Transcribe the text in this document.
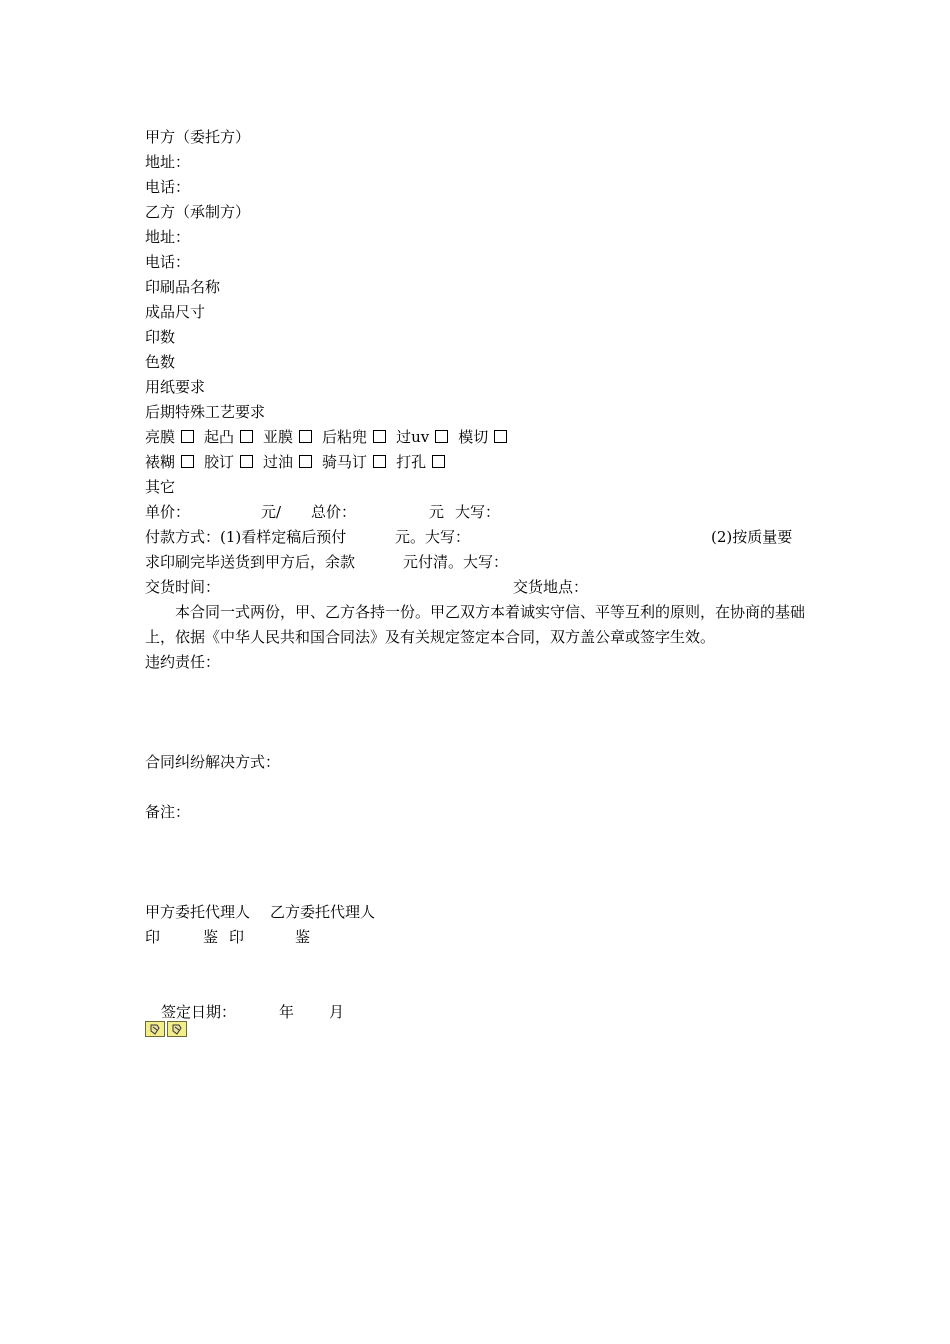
甲方（委托方）
地址：
电话：
乙方（承制方）
地址：
电话：
印刷品名称
成品尺寸
印数
色数
用纸要求
后期特殊工艺要求
亮膜 起凸 亚膜 后粘兜 过uv 模切
裱糊 胶订 过油 骑马订 打孔
其它
单价：	元/ 总价：	元 大写：
付款方式：(1)看样定稿后预付	元。大写：	(2)按质量要
求印刷完毕送货到甲方后，余款	元付清。大写：
交货时间：	交货地点：
本合同一式两份，甲、乙方各持一份。甲乙双方本着诚实守信、平等互利的原则，在协商的基础上，依据《中华人民共和国合同法》及有关规定签定本合同，双方盖公章或签字生效。
违约责任：
合同纠纷解决方式：
备注：
甲方委托代理人 乙方委托代理人
印	鉴 印	鉴
签定日期：	年 月
